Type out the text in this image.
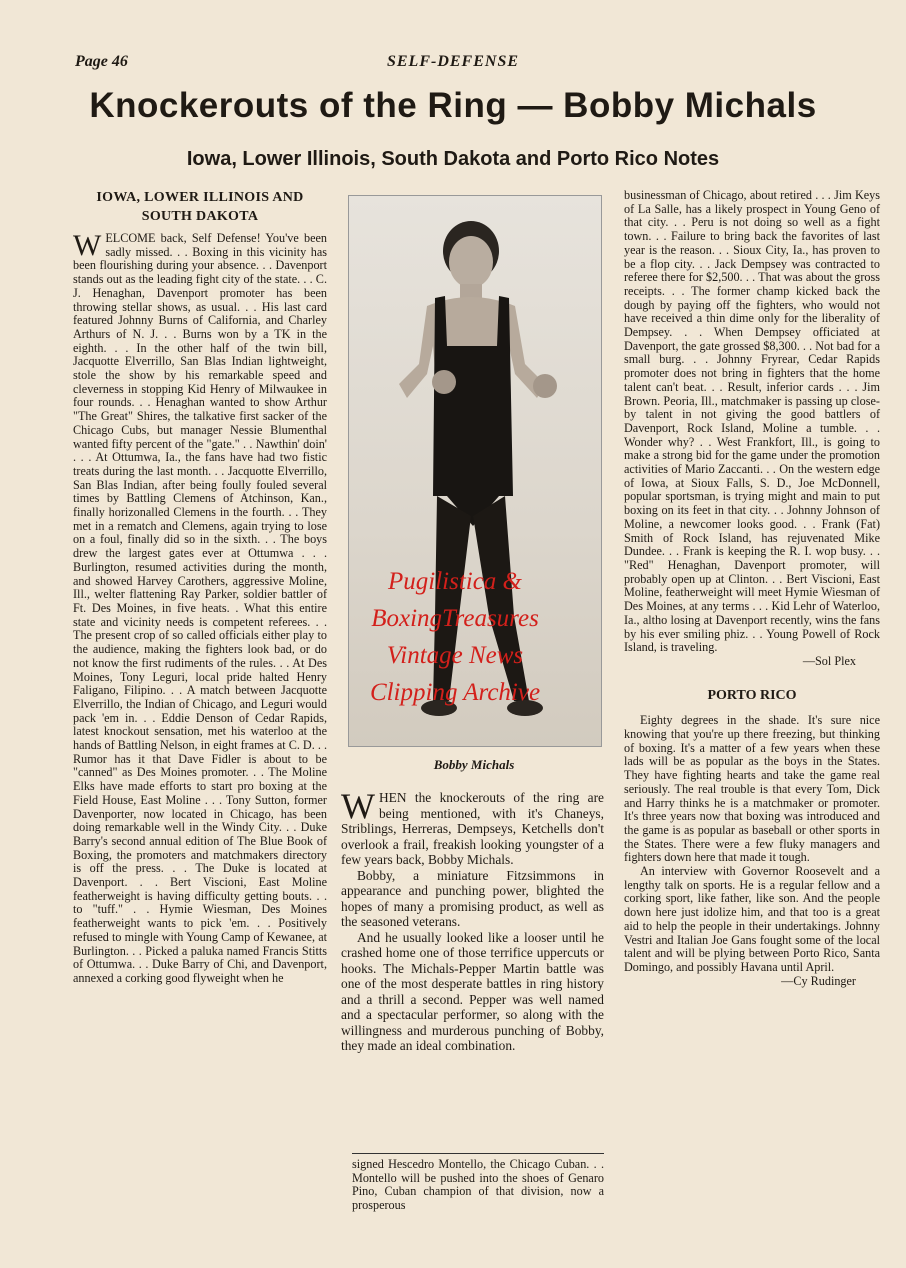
Page 46	SELF-DEFENSE
Knockerouts of the Ring — Bobby Michals
Iowa, Lower Illinois, South Dakota and Porto Rico Notes

IOWA, LOWER ILLINOIS AND SOUTH DAKOTA

WELCOME back, Self Defense! You've been sadly missed. . . Boxing in this vicinity has been flourishing during your absence. . . Davenport stands out as the leading fight city of the state. . . C. J. Henaghan, Davenport promoter has been throwing stellar shows, as usual. . . His last card featured Johnny Burns of California, and Charley Arthurs of N. J. . . Burns won by a TK in the eighth. . . In the other half of the twin bill, Jacquotte Elverrillo, San Blas Indian lightweight, stole the show by his remarkable speed and cleverness in stopping Kid Henry of Milwaukee in four rounds. . . Henaghan wanted to show Arthur "The Great" Shires, the talkative first sacker of the Chicago Cubs, but manager Nessie Blumenthal wanted fifty percent of the "gate." . . Nawthin' doin' . . . At Ottumwa, Ia., the fans have had two fistic treats during the last month. . . Jacquotte Elverrillo, San Blas Indian, after being foully fouled several times by Battling Clemens of Atchinson, Kan., finally horizonalled Clemens in the fourth. . . They met in a rematch and Clemens, again trying to lose on a foul, finally did so in the sixth. . . The boys drew the largest gates ever at Ottumwa . . . Burlington, resumed activities during the month, and showed Harvey Carothers, aggressive Moline, Ill., welter flattening Ray Parker, soldier battler of Ft. Des Moines, in five heats. . What this entire state and vicinity needs is competent referees. . . The present crop of so called officials either play to the audience, making the fighters look bad, or do not know the first rudiments of the rules. . . At Des Moines, Tony Leguri, local pride halted Henry Faligano, Filipino. . . A match between Jacquotte Elverrillo, the Indian of Chicago, and Leguri would pack 'em in. . . Eddie Denson of Cedar Rapids, latest knockout sensation, met his waterloo at the hands of Battling Nelson, in eight frames at C. D. . . Rumor has it that Dave Fidler is about to be "canned" as Des Moines promoter. . . The Moline Elks have made efforts to start pro boxing at the Field House, East Moline . . . Tony Sutton, former Davenporter, now located in Chicago, has been doing remarkable well in the Windy City. . . Duke Barry's second annual edition of The Blue Book of Boxing, the promoters and matchmakers directory is off the press. . . The Duke is located at Davenport. . . Bert Viscioni, East Moline featherweight is having difficulty getting bouts. . . to "tuff." . . Hymie Wiesman, Des Moines featherweight wants to pick 'em. . . Positively refused to mingle with Young Camp of Kewanee, at Burlington. . . Picked a paluka named Francis Stitts of Ottumwa. . . Duke Barry of Chi, and Davenport, annexed a corking good flyweight when he

Bobby Michals
Pugilistica &
BoxingTreasures
Vintage News
Clipping Archive

WHEN the knockerouts of the ring are being mentioned, with it's Chaneys, Striblings, Herreras, Dempseys, Ketchells don't overlook a frail, freakish looking youngster of a few years back, Bobby Michals.

Bobby, a miniature Fitzsimmons in appearance and punching power, blighted the hopes of many a promising product, as well as the seasoned veterans.

And he usually looked like a looser until he crashed home one of those terrifice uppercuts or hooks. The Michals-Pepper Martin battle was one of the most desperate battles in ring history and a thrill a second. Pepper was well named and a spectacular performer, so along with the willingness and murderous punching of Bobby, they made an ideal combination.

signed Hescedro Montello, the Chicago Cuban. . . Montello will be pushed into the shoes of Genaro Pino, Cuban champion of that division, now a prosperous

businessman of Chicago, about retired . . . Jim Keys of La Salle, has a likely prospect in Young Geno of that city. . . Peru is not doing so well as a fight town. . . Failure to bring back the favorites of last year is the reason. . . Sioux City, Ia., has proven to be a flop city. . . Jack Dempsey was contracted to referee there for $2,500. . . That was about the gross receipts. . . The former champ kicked back the dough by paying off the fighters, who would not have received a thin dime only for the liberality of Dempsey. . . When Dempsey officiated at Davenport, the gate grossed $8,300. . . Not bad for a small burg. . . Johnny Fryrear, Cedar Rapids promoter does not bring in fighters that the home talent can't beat. . . Result, inferior cards . . . Jim Brown. Peoria, Ill., matchmaker is passing up close-by talent in not giving the good battlers of Davenport, Rock Island, Moline a tumble. . . Wonder why? . . West Frankfort, Ill., is going to make a strong bid for the game under the promotion activities of Mario Zaccanti. . . On the western edge of Iowa, at Sioux Falls, S. D., Joe McDonnell, popular sportsman, is trying might and main to put boxing on its feet in that city. . . Johnny Johnson of Moline, a newcomer looks good. . . Frank (Fat) Smith of Rock Island, has rejuvenated Mike Dundee. . . Frank is keeping the R. I. wop busy. . . "Red" Henaghan, Davenport promoter, will probably open up at Clinton. . . Bert Viscioni, East Moline, featherweight will meet Hymie Wiesman of Des Moines, at any terms . . . Kid Lehr of Waterloo, Ia., altho losing at Davenport recently, wins the fans by his ever smiling phiz. . . Young Powell of Rock Island, is traveling.

—Sol Plex

PORTO RICO

Eighty degrees in the shade. It's sure nice knowing that you're up there freezing, but thinking of boxing. It's a matter of a few years when these lads will be as popular as the boys in the States. They have fighting hearts and take the game real seriously. The real trouble is that every Tom, Dick and Harry thinks he is a matchmaker or promoter. It's three years now that boxing was introduced and the game is as popular as baseball or other sports in the States. There were a few fluky managers and fighters down here that made it tough.

An interview with Governor Roosevelt and a lengthy talk on sports. He is a regular fellow and a corking sport, like father, like son. And the people down here just idolize him, and that too is a great aid to help the people in their undertakings. Johnny Vestri and Italian Joe Gans fought some of the local talent and will be plying between Porto Rico, Santa Domingo, and possibly Havana until April.

—Cy Rudinger
